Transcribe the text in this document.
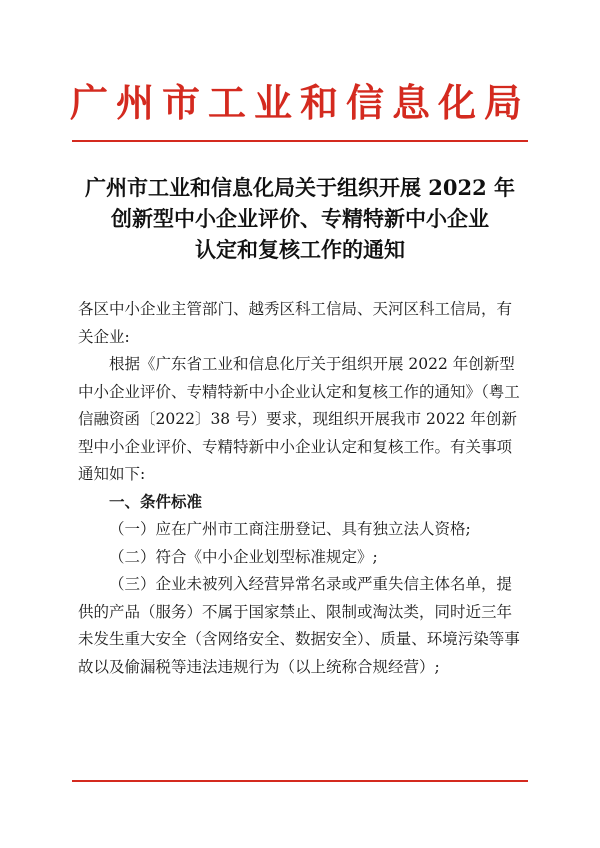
广州市工业和信息化局
广州市工业和信息化局关于组织开展 2022 年
创新型中小企业评价、专精特新中小企业
认定和复核工作的通知

各区中小企业主管部门、越秀区科工信局、天河区科工信局，有关企业:

根据《广东省工业和信息化厅关于组织开展 2022 年创新型中小企业评价、专精特新中小企业认定和复核工作的通知》（粤工信融资函〔2022〕38 号）要求，现组织开展我市 2022 年创新型中小企业评价、专精特新中小企业认定和复核工作。有关事项通知如下:

一、条件标准

（一）应在广州市工商注册登记、具有独立法人资格;

（二）符合《中小企业划型标准规定》;

（三）企业未被列入经营异常名录或严重失信主体名单，提供的产品（服务）不属于国家禁止、限制或淘汰类，同时近三年未发生重大安全（含网络安全、数据安全）、质量、环境污染等事故以及偷漏税等违法违规行为（以上统称合规经营）;
